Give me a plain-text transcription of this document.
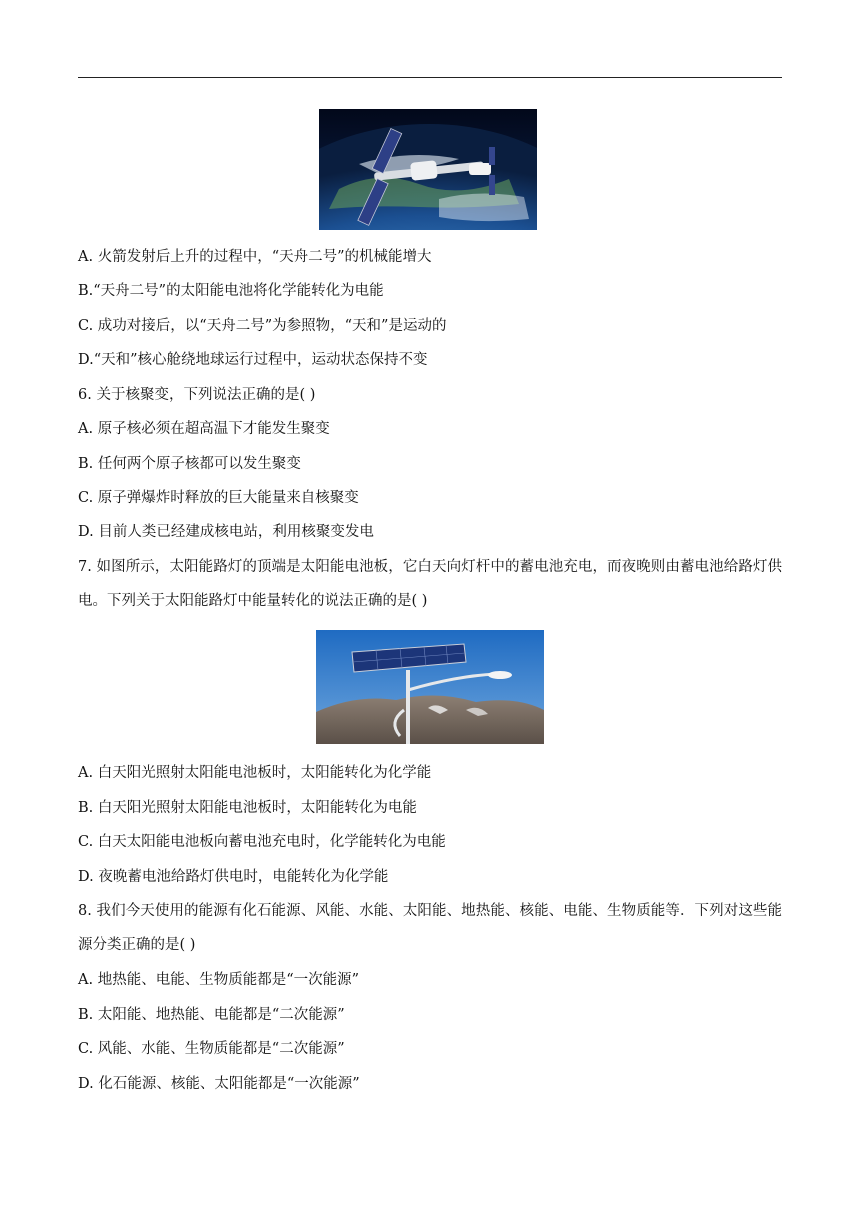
A. 火箭发射后上升的过程中，“天舟二号”的机械能增大
B.“天舟二号”的太阳能电池将化学能转化为电能
C. 成功对接后，以“天舟二号”为参照物，“天和”是运动的
D.“天和”核心舱绕地球运行过程中，运动状态保持不变
6. 关于核聚变，下列说法正确的是( )
A. 原子核必须在超高温下才能发生聚变
B. 任何两个原子核都可以发生聚变
C. 原子弹爆炸时释放的巨大能量来自核聚变
D. 目前人类已经建成核电站，利用核聚变发电
7. 如图所示，太阳能路灯的顶端是太阳能电池板，它白天向灯杆中的蓄电池充电，而夜晚则由蓄电池给路灯供电。下列关于太阳能路灯中能量转化的说法正确的是( )
A. 白天阳光照射太阳能电池板时，太阳能转化为化学能
B. 白天阳光照射太阳能电池板时，太阳能转化为电能
C. 白天太阳能电池板向蓄电池充电时，化学能转化为电能
D. 夜晚蓄电池给路灯供电时，电能转化为化学能
8. 我们今天使用的能源有化石能源、风能、水能、太阳能、地热能、核能、电能、生物质能等．下列对这些能源分类正确的是( )
A. 地热能、电能、生物质能都是“一次能源”
B. 太阳能、地热能、电能都是“二次能源”
C. 风能、水能、生物质能都是“二次能源”
D. 化石能源、核能、太阳能都是“一次能源”
